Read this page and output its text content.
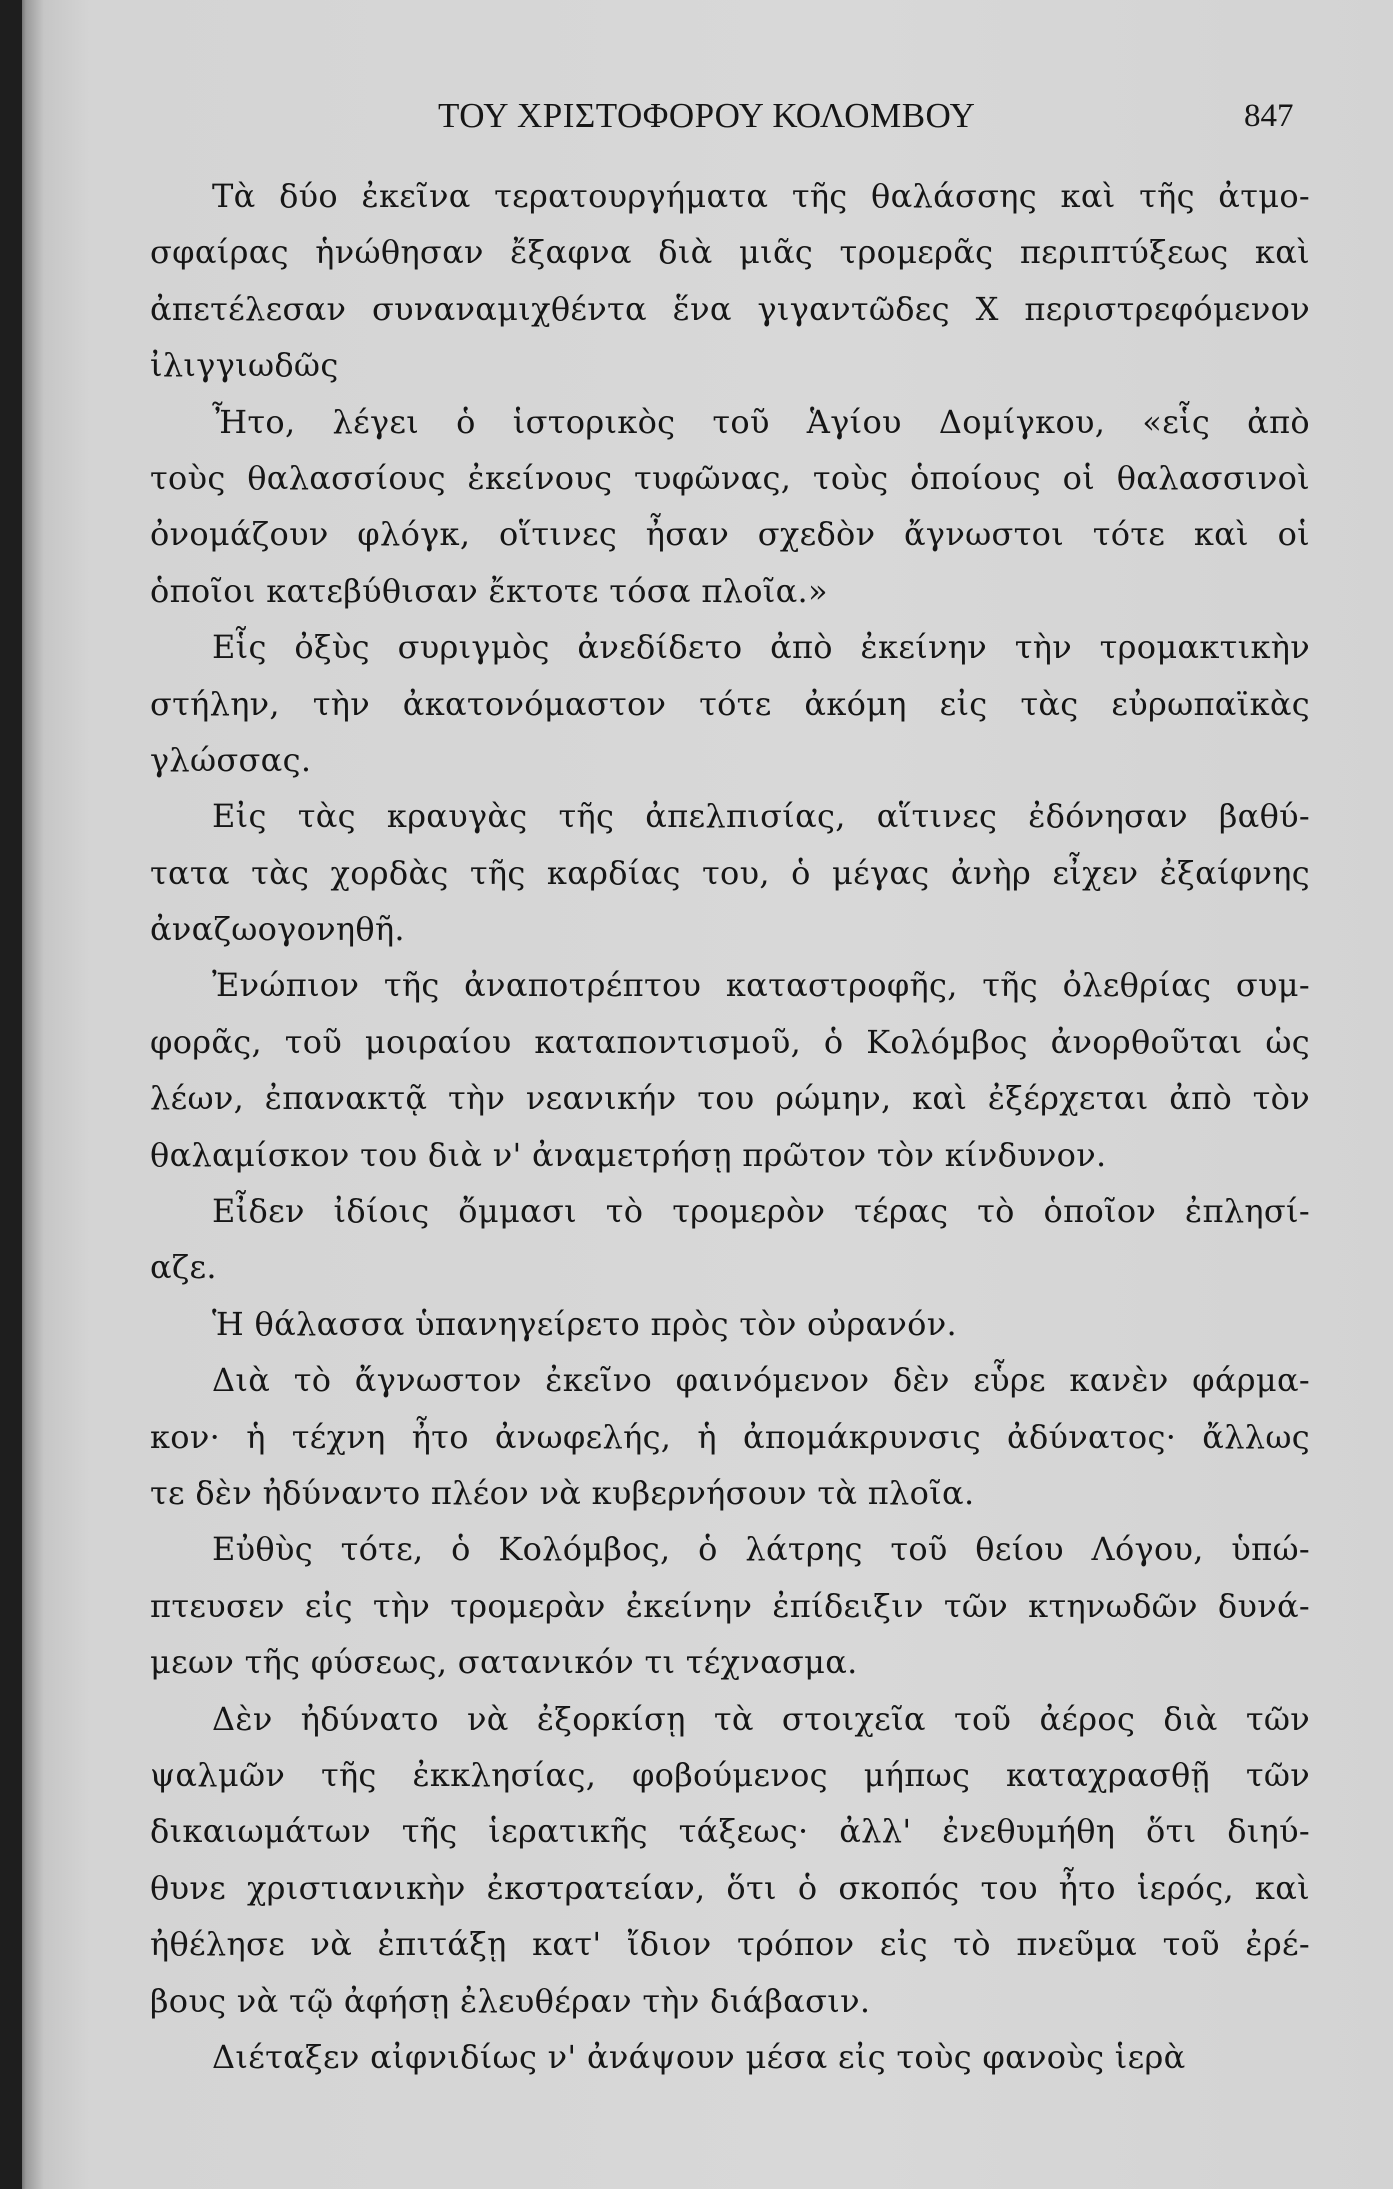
ΤΟΥ ΧΡΙΣΤΟΦΟΡΟΥ ΚΟΛΟΜΒΟΥ	847
Τὰ δύο ἐκεῖνα τερατουργήματα τῆς θαλάσσης καὶ τῆς ἀτμο-
σφαίρας ἡνώθησαν ἔξαφνα διὰ μιᾶς τρομερᾶς περιπτύξεως καὶ
ἀπετέλεσαν συναναμιχθέντα ἕνα γιγαντῶδες X περιστρεφόμενον
ἰλιγγιωδῶς
Ἦτο, λέγει ὁ ἱστορικὸς τοῦ Ἁγίου Δομίγκου, «εἷς ἀπὸ
τοὺς θαλασσίους ἐκείνους τυφῶνας, τοὺς ὁποίους οἱ θαλασσινοὶ
ὀνομάζουν φλόγκ, οἵτινες ἦσαν σχεδὸν ἄγνωστοι τότε καὶ οἱ
ὁποῖοι κατεβύθισαν ἔκτοτε τόσα πλοῖα.»
Εἷς ὀξὺς συριγμὸς ἀνεδίδετο ἀπὸ ἐκείνην τὴν τρομακτικὴν
στήλην, τὴν ἀκατονόμαστον τότε ἀκόμη εἰς τὰς εὐρωπαϊκὰς
γλώσσας.
Εἰς τὰς κραυγὰς τῆς ἀπελπισίας, αἵτινες ἐδόνησαν βαθύ-
τατα τὰς χορδὰς τῆς καρδίας του, ὁ μέγας ἀνὴρ εἶχεν ἐξαίφνης
ἀναζωογονηθῆ.
Ἐνώπιον τῆς ἀναποτρέπτου καταστροφῆς, τῆς ὀλεθρίας συμ-
φορᾶς, τοῦ μοιραίου καταποντισμοῦ, ὁ Κολόμβος ἀνορθοῦται ὡς
λέων, ἐπανακτᾷ τὴν νεανικήν του ρώμην, καὶ ἐξέρχεται ἀπὸ τὸν
θαλαμίσκον του διὰ ν' ἀναμετρήσῃ πρῶτον τὸν κίνδυνον.
Εἶδεν ἰδίοις ὄμμασι τὸ τρομερὸν τέρας τὸ ὁποῖον ἐπλησί-
αζε.
Ἡ θάλασσα ὑπανηγείρετο πρὸς τὸν οὐρανόν.
Διὰ τὸ ἄγνωστον ἐκεῖνο φαινόμενον δὲν εὗρε κανὲν φάρμα-
κον· ἡ τέχνη ἦτο ἀνωφελής, ἡ ἀπομάκρυνσις ἀδύνατος· ἄλλως
τε δὲν ἠδύναντο πλέον νὰ κυβερνήσουν τὰ πλοῖα.
Εὐθὺς τότε, ὁ Κολόμβος, ὁ λάτρης τοῦ θείου Λόγου, ὑπώ-
πτευσεν εἰς τὴν τρομερὰν ἐκείνην ἐπίδειξιν τῶν κτηνωδῶν δυνά-
μεων τῆς φύσεως, σατανικόν τι τέχνασμα.
Δὲν ἠδύνατο νὰ ἐξορκίσῃ τὰ στοιχεῖα τοῦ ἀέρος διὰ τῶν
ψαλμῶν τῆς ἐκκλησίας, φοβούμενος μήπως καταχρασθῇ τῶν
δικαιωμάτων τῆς ἱερατικῆς τάξεως· ἀλλ' ἐνεθυμήθη ὅτι διηύ-
θυνε χριστιανικὴν ἐκστρατείαν, ὅτι ὁ σκοπός του ἦτο ἱερός, καὶ
ἠθέλησε νὰ ἐπιτάξῃ κατ' ἴδιον τρόπον εἰς τὸ πνεῦμα τοῦ ἐρέ-
βους νὰ τῷ ἀφήσῃ ἐλευθέραν τὴν διάβασιν.
Διέταξεν αἰφνιδίως ν' ἀνάψουν μέσα εἰς τοὺς φανοὺς ἱερὰ
